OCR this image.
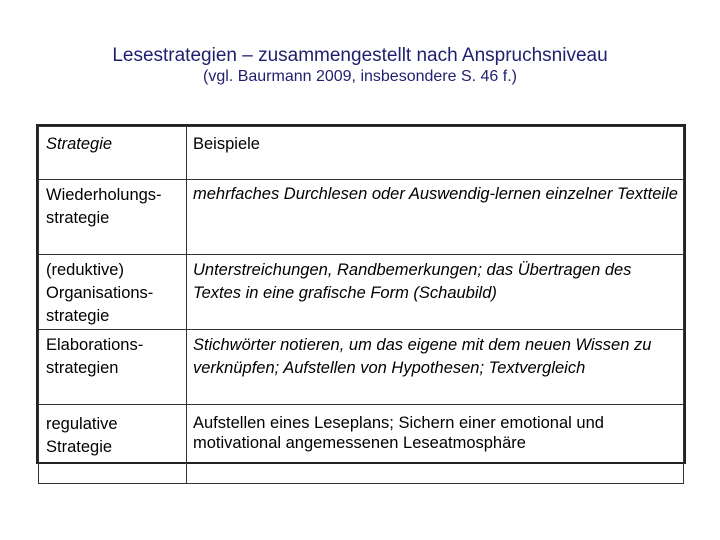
Lesestrategien – zusammengestellt nach Anspruchsniveau
(vgl. Baurmann 2009, insbesondere S. 46 f.)
Strategie	Beispiele
Wiederholungs-
strategie	mehrfaches Durchlesen oder Auswendig-lernen einzelner Textteile
(reduktive) Organisations-
strategie	Unterstreichungen, Randbemerkungen; das Übertragen des Textes in eine grafische Form (Schaubild)
Elaborations-
strategien	Stichwörter notieren, um das eigene mit dem neuen Wissen zu verknüpfen; Aufstellen von Hypothesen; Textvergleich
regulative Strategie	Aufstellen eines Leseplans; Sichern einer emotional und motivational angemessenen Leseatmosphäre
